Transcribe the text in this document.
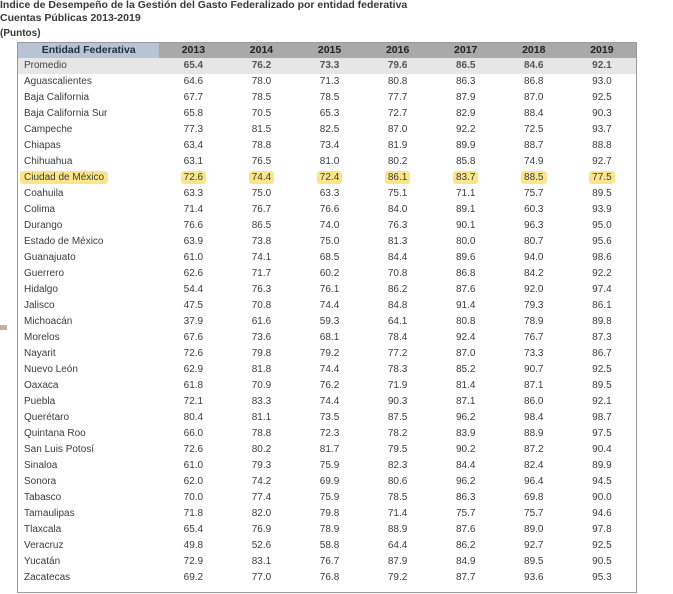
Índice de Desempeño de la Gestión del Gasto Federalizado por entidad federativa
Cuentas Públicas 2013-2019
(Puntos)
Entidad Federativa	2013	2014	2015	2016	2017	2018	2019
Promedio	65.4	76.2	73.3	79.6	86.5	84.6	92.1
Aguascalientes	64.6	78.0	71.3	80.8	86.3	86.8	93.0
Baja California	67.7	78.5	78.5	77.7	87.9	87.0	92.5
Baja California Sur	65.8	70.5	65.3	72.7	82.9	88.4	90.3
Campeche	77.3	81.5	82.5	87.0	92.2	72.5	93.7
Chiapas	63.4	78.8	73.4	81.9	89.9	88.7	88.8
Chihuahua	63.1	76.5	81.0	80.2	85.8	74.9	92.7
Ciudad de México	72.6	74.4	72.4	86.1	83.7	88.5	77.5
Coahuila	63.3	75.0	63.3	75.1	71.1	75.7	89.5
Colima	71.4	76.7	76.6	84.0	89.1	60.3	93.9
Durango	76.6	86.5	74.0	76.3	90.1	96.3	95.0
Estado de México	63.9	73.8	75.0	81.3	80.0	80.7	95.6
Guanajuato	61.0	74.1	68.5	84.4	89.6	94.0	98.6
Guerrero	62.6	71.7	60.2	70.8	86.8	84.2	92.2
Hidalgo	54.4	76.3	76.1	86.2	87.6	92.0	97.4
Jalisco	47.5	70.8	74.4	84.8	91.4	79.3	86.1
Michoacán	37.9	61.6	59.3	64.1	80.8	78.9	89.8
Morelos	67.6	73.6	68.1	78.4	92.4	76.7	87.3
Nayarit	72.6	79.8	79.2	77.2	87.0	73.3	86.7
Nuevo León	62.9	81.8	74.4	78.3	85.2	90.7	92.5
Oaxaca	61.8	70.9	76.2	71.9	81.4	87.1	89.5
Puebla	72.1	83.3	74.4	90.3	87.1	86.0	92.1
Querétaro	80.4	81.1	73.5	87.5	96.2	98.4	98.7
Quintana Roo	66.0	78.8	72.3	78.2	83.9	88.9	97.5
San Luis Potosí	72.6	80.2	81.7	79.5	90.2	87.2	90.4
Sinaloa	61.0	79.3	75.9	82.3	84.4	82.4	89.9
Sonora	62.0	74.2	69.9	80.6	96.2	96.4	94.5
Tabasco	70.0	77.4	75.9	78.5	86.3	69.8	90.0
Tamaulipas	71.8	82.0	79.8	71.4	75.7	75.7	94.6
Tlaxcala	65.4	76.9	78.9	88.9	87.6	89.0	97.8
Veracruz	49.8	52.6	58.8	64.4	86.2	92.7	92.5
Yucatán	72.9	83.1	76.7	87.9	84.9	89.5	90.5
Zacatecas	69.2	77.0	76.8	79.2	87.7	93.6	95.3
